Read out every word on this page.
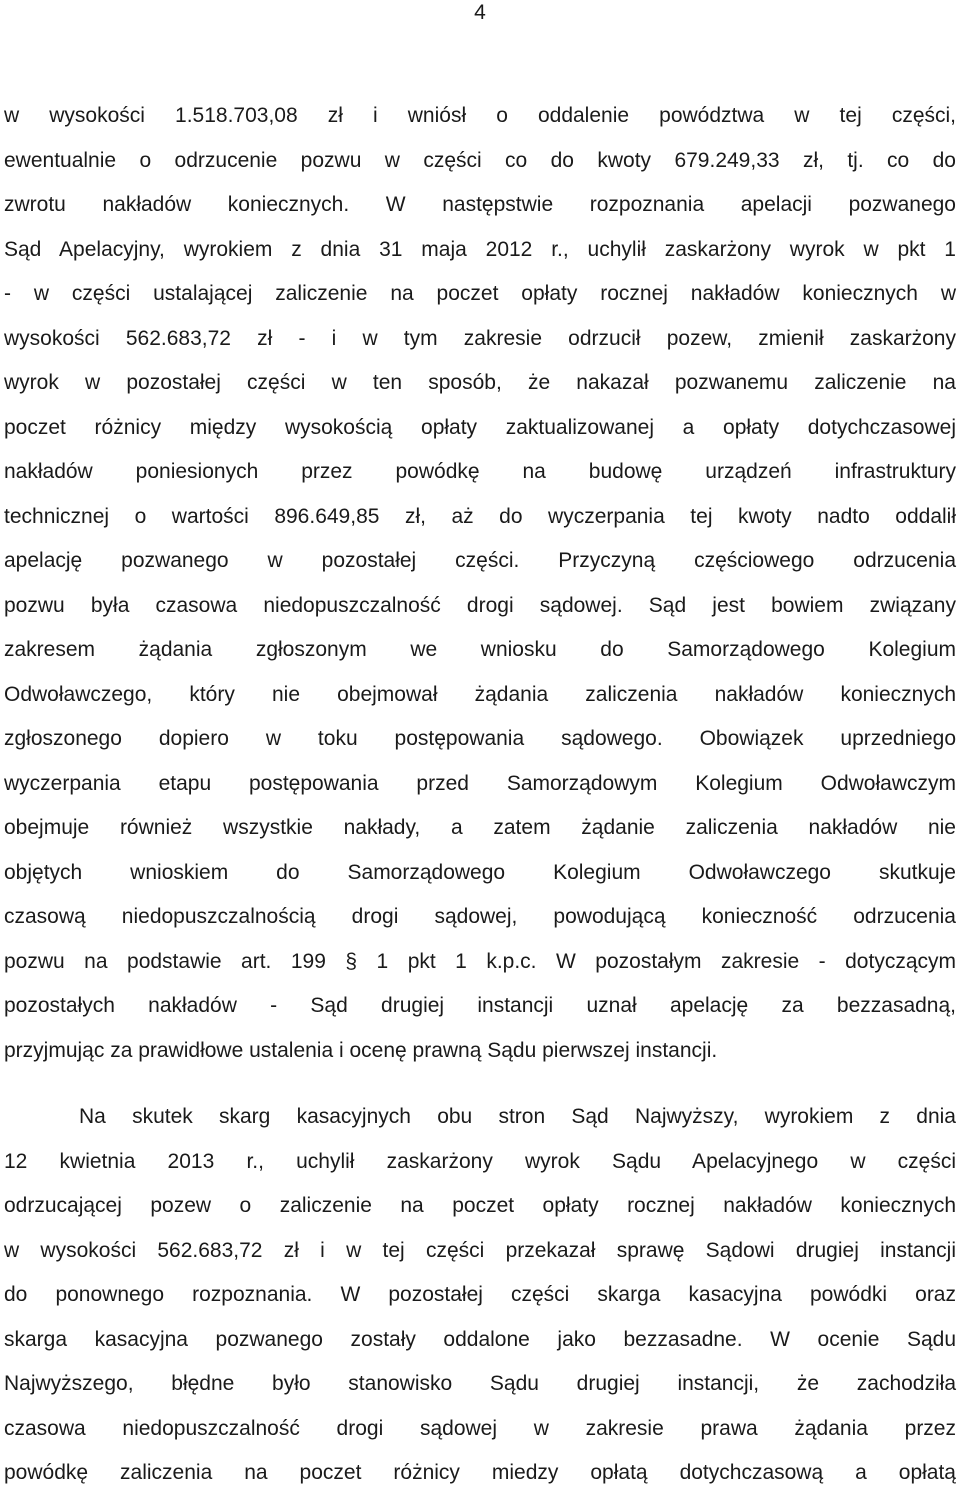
4

w wysokości 1.518.703,08 zł i wniósł o oddalenie powództwa w tej części,
ewentualnie o odrzucenie pozwu w części co do kwoty 679.249,33 zł, tj. co do
zwrotu nakładów koniecznych. W następstwie rozpoznania apelacji pozwanego
Sąd Apelacyjny, wyrokiem z dnia 31 maja 2012 r., uchylił zaskarżony wyrok w pkt 1
- w części ustalającej zaliczenie na poczet opłaty rocznej nakładów koniecznych w
wysokości 562.683,72 zł - i w tym zakresie odrzucił pozew, zmienił zaskarżony
wyrok w pozostałej części w ten sposób, że nakazał pozwanemu zaliczenie na
poczet różnicy między wysokością opłaty zaktualizowanej a opłaty dotychczasowej
nakładów poniesionych przez powódkę na budowę urządzeń infrastruktury
technicznej o wartości 896.649,85 zł, aż do wyczerpania tej kwoty nadto oddalił
apelację pozwanego w pozostałej części. Przyczyną częściowego odrzucenia
pozwu była czasowa niedopuszczalność drogi sądowej. Sąd jest bowiem związany
zakresem żądania zgłoszonym we wniosku do Samorządowego Kolegium
Odwoławczego, który nie obejmował żądania zaliczenia nakładów koniecznych
zgłoszonego dopiero w toku postępowania sądowego. Obowiązek uprzedniego
wyczerpania etapu postępowania przed Samorządowym Kolegium Odwoławczym
obejmuje również wszystkie nakłady, a zatem żądanie zaliczenia nakładów nie
objętych wnioskiem do Samorządowego Kolegium Odwoławczego skutkuje
czasową niedopuszczalnością drogi sądowej, powodującą konieczność odrzucenia
pozwu na podstawie art. 199 § 1 pkt 1 k.p.c. W pozostałym zakresie - dotyczącym
pozostałych nakładów - Sąd drugiej instancji uznał apelację za bezzasadną,
przyjmując za prawidłowe ustalenia i ocenę prawną Sądu pierwszej instancji.

Na skutek skarg kasacyjnych obu stron Sąd Najwyższy, wyrokiem z dnia
12 kwietnia 2013 r., uchylił zaskarżony wyrok Sądu Apelacyjnego w części
odrzucającej pozew o zaliczenie na poczet opłaty rocznej nakładów koniecznych
w wysokości 562.683,72 zł i w tej części przekazał sprawę Sądowi drugiej instancji
do ponownego rozpoznania. W pozostałej części skarga kasacyjna powódki oraz
skarga kasacyjna pozwanego zostały oddalone jako bezzasadne. W ocenie Sądu
Najwyższego, błędne było stanowisko Sądu drugiej instancji, że zachodziła
czasowa niedopuszczalność drogi sądowej w zakresie prawa żądania przez
powódkę zaliczenia na poczet różnicy miedzy opłatą dotychczasową a opłatą
